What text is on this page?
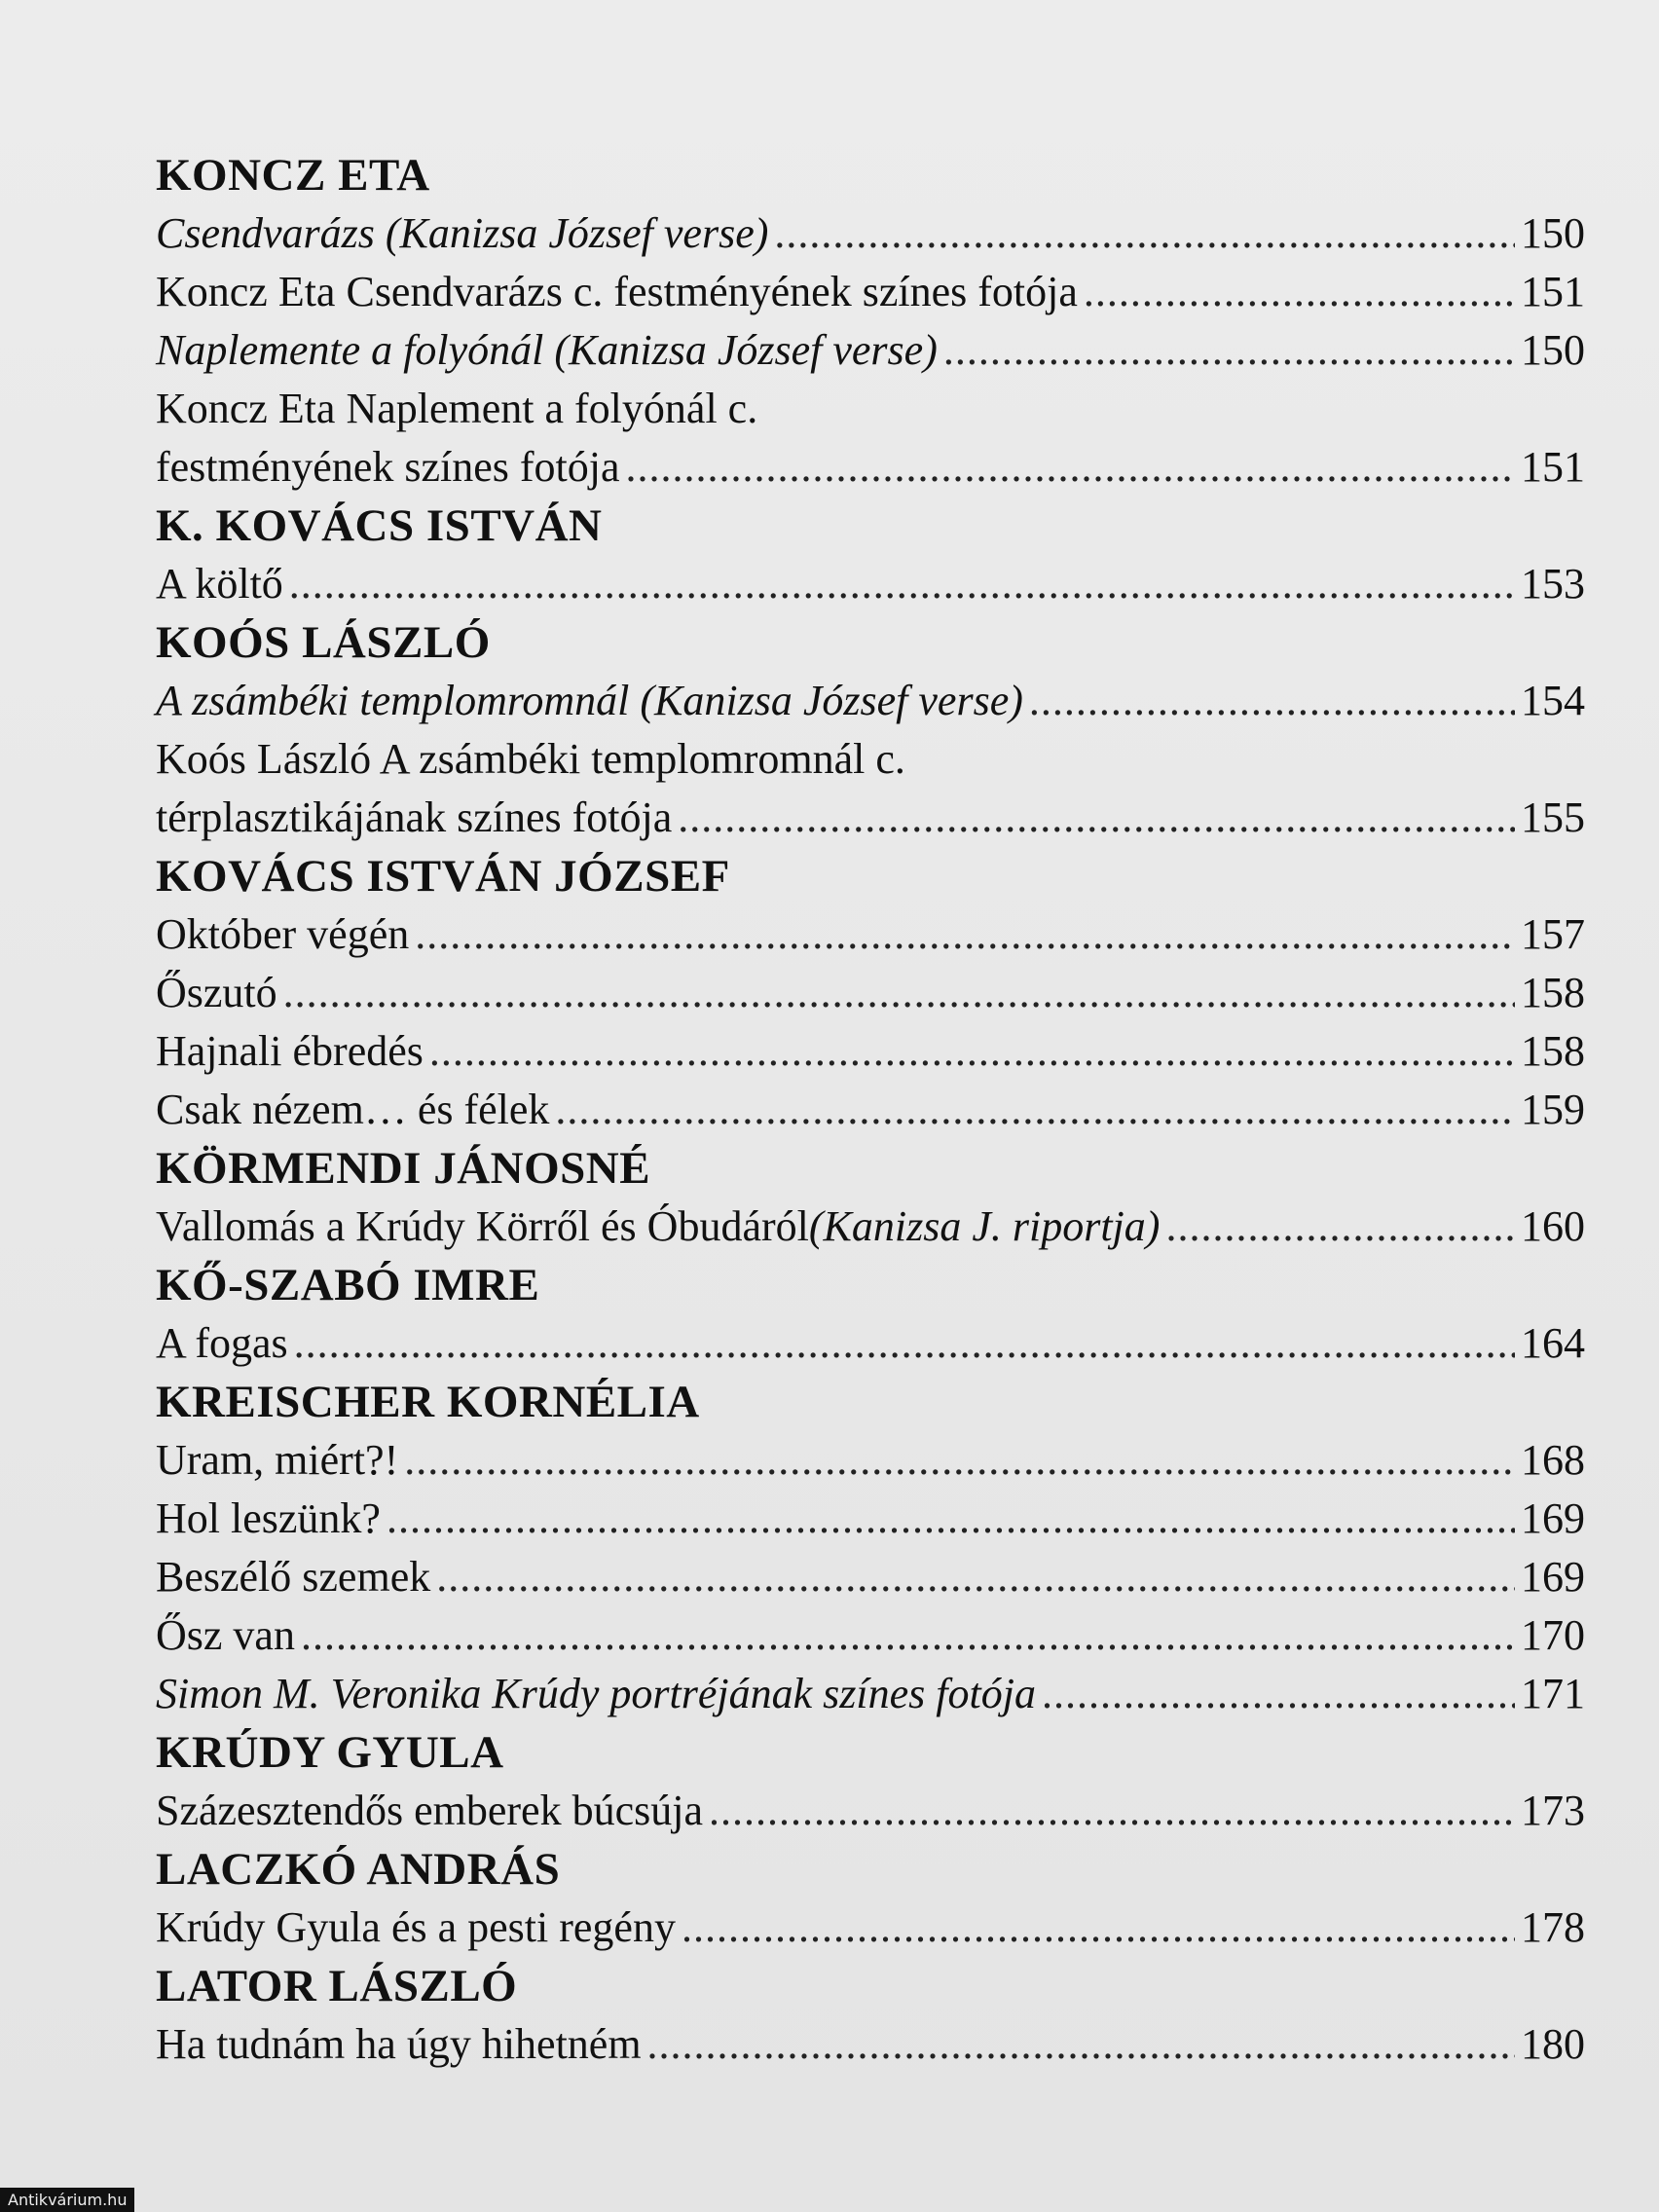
KONCZ ETA
Csendvarázs (Kanizsa József verse) .....	150
Koncz Eta Csendvarázs c. festményének színes fotója .....	151
Naplemente a folyónál (Kanizsa József verse) .....	150
Koncz Eta Naplement a folyónál c.
festményének színes fotója .....	151
K. KOVÁCS ISTVÁN
A költő .....	153
KOÓS LÁSZLÓ
A zsámbéki templomromnál (Kanizsa József verse) .....	154
Koós László A zsámbéki templomromnál c.
térplasztikájának színes fotója .....	155
KOVÁCS ISTVÁN JÓZSEF
Október végén .....	157
Őszutó .....	158
Hajnali ébredés .....	158
Csak nézem… és félek .....	159
KÖRMENDI JÁNOSNÉ
Vallomás a Krúdy Körről és Óbudáról (Kanizsa J. riportja) .....	160
KŐ-SZABÓ IMRE
A fogas .....	164
KREISCHER KORNÉLIA
Uram, miért?! .....	168
Hol leszünk? .....	169
Beszélő szemek .....	169
Ősz van .....	170
Simon M. Veronika Krúdy portréjának színes fotója .....	171
KRÚDY GYULA
Százesztendős emberek búcsúja .....	173
LACZKÓ ANDRÁS
Krúdy Gyula és a pesti regény .....	178
LATOR LÁSZLÓ
Ha tudnám ha úgy hihetném .....	180
Antikvárium.hu
